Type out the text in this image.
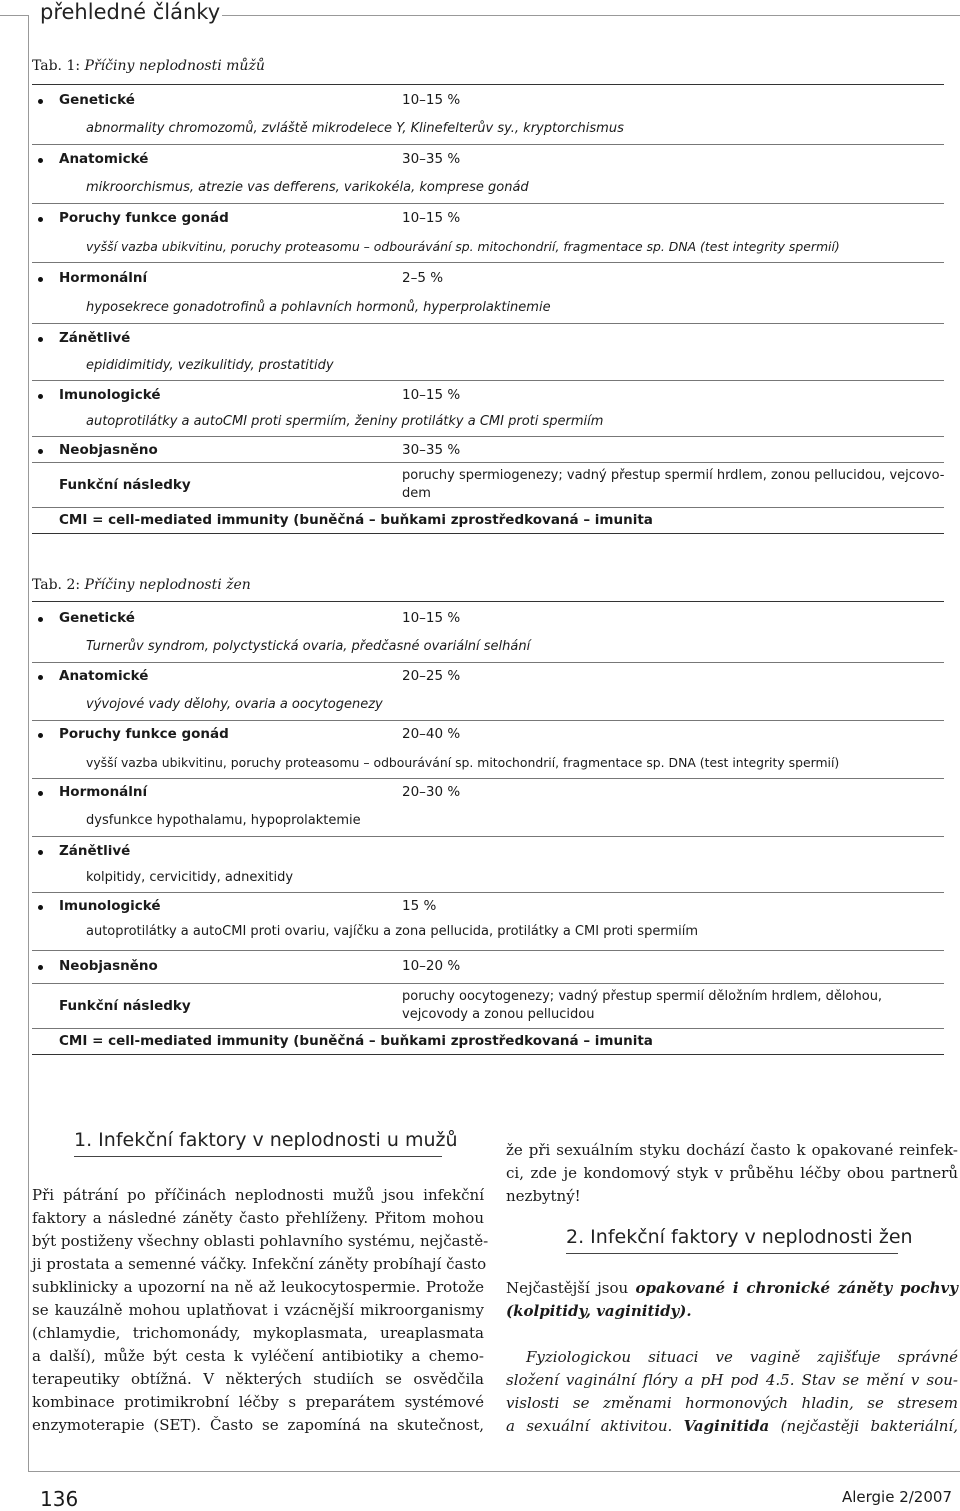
přehledné články
Tab. 1: Příčiny neplodnosti můžů
Genetické	10–15 %
abnormality chromozomů, zvláště mikrodelece Y, Klinefelterův sy., kryptorchismus
Anatomické	30–35 %
mikroorchismus, atrezie vas defferens, varikokéla, komprese gonád
Poruchy funkce gonád	10–15 %
vyšší vazba ubikvitinu, poruchy proteasomu – odbourávání sp. mitochondrií, fragmentace sp. DNA (test integrity spermií)
Hormonální	2–5 %
hyposekrece gonadotrofinů a pohlavních hormonů, hyperprolaktinemie
Zánětlivé
epididimitidy, vezikulitidy, prostatitidy
Imunologické	10–15 %
autoprotilátky a autoCMI proti spermiím, ženiny protilátky a CMI proti spermiím
Neobjasněno	30–35 %
Funkční následky
poruchy spermiogenezy; vadný přestup spermií hrdlem, zonou pellucidou, vejcovo-
dem
CMI = cell-mediated immunity (buněčná – buňkami zprostředkovaná – imunita
Tab. 2: Příčiny neplodnosti žen
Genetické	10–15 %
Turnerův syndrom, polyctystická ovaria, předčasné ovariální selhání
Anatomické	20–25 %
vývojové vady dělohy, ovaria a oocytogenezy
Poruchy funkce gonád	20–40 %
vyšší vazba ubikvitinu, poruchy proteasomu – odbourávání sp. mitochondrií, fragmentace sp. DNA (test integrity spermií)
Hormonální	20–30 %
dysfunkce hypothalamu, hypoprolaktemie
Zánětlivé
kolpitidy, cervicitidy, adnexitidy
Imunologické	15 %
autoprotilátky a autoCMI proti ovariu, vajíčku a zona pellucida, protilátky a CMI proti spermiím
Neobjasněno	10–20 %
Funkční následky
poruchy oocytogenezy; vadný přestup spermií děložním hrdlem, dělohou,
vejcovody a zonou pellucidou
CMI = cell-mediated immunity (buněčná – buňkami zprostředkovaná – imunita
1. Infekční faktory v neplodnosti u mužů
Při pátrání po příčinách neplodnosti mužů jsou infekční
faktory a následné záněty často přehlíženy. Přitom mohou
být postiženy všechny oblasti pohlavního systému, nejčastě-
ji prostata a semenné váčky. Infekční záněty probíhají často
subklinicky a upozorní na ně až leukocytospermie. Protože
se kauzálně mohou uplatňovat i vzácnější mikroorganismy
(chlamydie, trichomonády, mykoplasmata, ureaplasmata
a další), může být cesta k vyléčení antibiotiky a chemo-
terapeutiky obtížná. V některých studiích se osvědčila
kombinace protimikrobní léčby s preparátem systémové
enzymoterapie (SET). Často se zapomíná na skutečnost,
že při sexuálním styku dochází často k opakované reinfek-
ci, zde je kondomový styk v průběhu léčby obou partnerů
nezbytný!
2. Infekční faktory v neplodnosti žen
Nejčastější jsou opakované i chronické záněty pochvy
(kolpitidy, vaginitidy).
Fyziologickou situaci ve vagině zajišťuje správné
složení vaginální flóry a pH pod 4.5. Stav se mění v sou-
vislosti se změnami hormonových hladin, se stresem
a sexuální aktivitou. Vaginitida (nejčastěji bakteriální,
136	Alergie 2/2007
